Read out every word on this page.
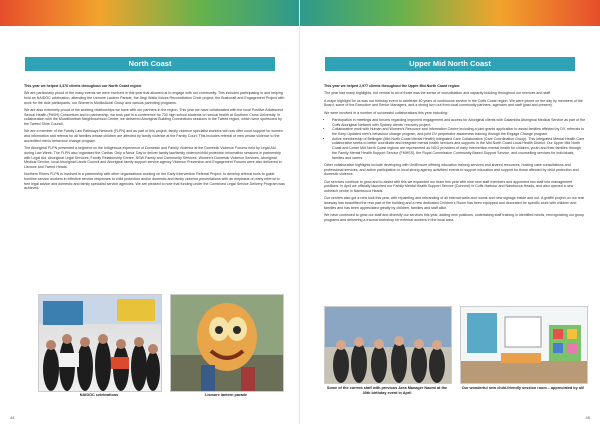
North Coast

This year we helped 3,376 clients throughout our North Coast region.

We are particularly proud of the many events we were involved in this year that allowed us to engage with our community. This includes participating in and helping hold an NAIDOC celebration, attending the Lismore Lantern Parade, the Jingi Walla Voices Reconciliation Choir project, the Bushcraft and Engagement Project with work for the dole participants, our Women's Multicultural Group and various parenting programs.

We are also extremely proud of the working relationships we have with our partners in the region. This year we have collaborated with the local Positive Adolescent Sexual Health (PASH) Consortium and in partnership, we took part in a conference for 700 high school students on sexual health at Southern Cross University. In collaboration with the Murwillumbah Neighbourhood Centre, we delivered Aboriginal Building Connections sessions in the Tweed region, which were sponsored by the Tweed Shire Council.

We are a member of the Family Law Pathways Network (FLPN) and as part of this project, family violence specialist workers will now offer court support for women and information and referral for all families whose children are affected by family violence at the Family Court. This includes referral of men whose violence to the accredited men's behaviour change program.

The Aboriginal FLPN presented a segment on the Indigenous experience of Domestic and Family Violence at the Domestic Violence Forums held by Legal Aid during Law Week. The FLPN also organised the Caritas 'Only a Nova' Day to deliver family law/family violence/child protection information sessions in partnership with Legal Aid, Aboriginal Legal Services, Family Relationship Centre, NSW Family and Community Services, Women's Domestic Violence Services, Aboriginal Medical Service, local Aboriginal Lands Council and Aboriginal family support service agency Violence Prevention and Engagement Forums were also delivered in Lismore and Tweed Heads.

Northern Rivers FLPN is involved in a partnership with other organisations working on the Early Intervention Referral Project, to develop referral tools to guide frontline service workers in effective service responses to child protection and/or domestic and family violence presentations with an emphasis on early referral to free legal advice and domestic and family specialist service agencies. We are pleased to note that funding under the Combined Legal Service Delivery Program was achieved.

NAIDOC celebrations	Lismore lantern parade
44
Upper Mid North Coast

This year we helped 2,977 clients throughout the Upper Mid North Coast region.

The year had many highlights, but central to all of those was the sense of consolidation and capacity building throughout our services and staff.

A major highlight for us was our birthday event to celebrate 40 years of continuous service in the Coffs Coast region. We were joined on the day by members of the Board, some of the Executive and Senior Managers, and a strong turn out from local community partners, agencies and staff (past and present).

We were involved in a number of successful collaborations this year including:

• Participation in meetings and forums regarding improved engagement and access for Aboriginal clients with Galambila Aboriginal Medical Service as part of the Coffs Aboriginal Network with Sydney clients' recovery project.
• Collaborative work with Human and Women's Resource and Information Centre including a joint grants application to assist families affected by DV, referrals to the Keep Updated men's behaviour change program, and joint DV perpetrator awareness training through the Engage Change program.
• Active membership of Bellingen (Mid North Coast Mental Health) Integrated Care Collaborative (Care Coordination Group). This Integrated Mental Health Care collaborative seeks to better coordinate and integrate mental health services and supports in the Mid North Coast Local Health District. Our Upper Mid North Coast and Lower Mid North Coast regions are represented as NGO providers of early intervention mental health for children, youth and their families through the Family Mental Health Support Service (FMHSS), the Royal Commission Community Based Support Service, and counselling services for individuals, families and carers.

Other collaborative highlights include developing with UnitEnsure offering education training services and shared resources, hosting case consultations and professional services, and active participation in local strong agency activities/ events to support education and support for those affected by child protection and domestic violence.

Our services continue to grow and to assist with this we expanded our team this year with nine new staff members and appointed two staff into management positions. In April we officially launched our Family Mental Health Support Service (Connect) in Coffs Harbour and Nambucca Heads, and also opened a new outreach centre in Nambucca Heads.

Our centres also got a new look this year, with repainting and rebranding of all internal walls and rooms and new signage inside and out. A graffiti project on our rear laneway has beautified the rear part of the building and a new dedicated Children's Room has been equipped and decorated for specific work with children and families and has been appreciated greatly by children, families and staff alike.

We have continued to grow our staff and diversify our services this year, adding new positions, undertaking staff training in identified needs, reinvigorating our group programs and delivering a trauma workshop for external workers in the local area.

Some of the current staff with previous Area Manager Naomi at the 40th birthday event in April
Our wonderful new child-friendly session room – appreciated by all!
45
